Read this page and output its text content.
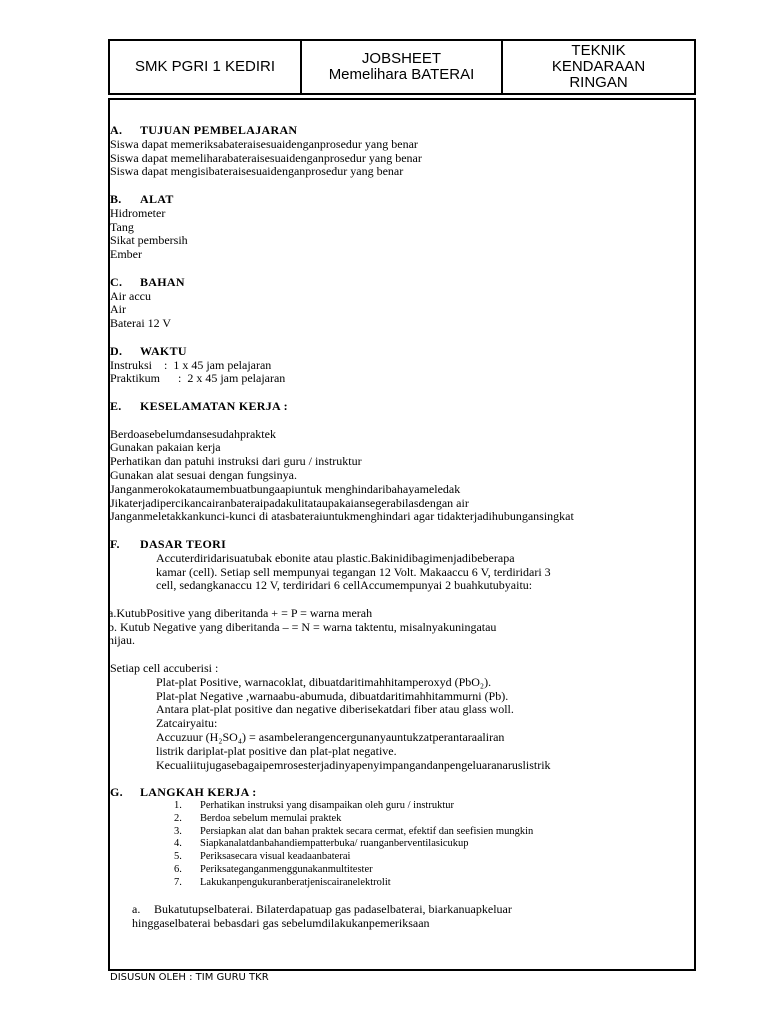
SMK PGRI 1 KEDIRI	JOBSHEET
Memelihara BATERAI
TEKNIK
KENDARAAN
RINGAN

A. TUJUAN PEMBELAJARAN

Siswa dapat memeriksabateraisesuaidenganprosedur yang benar

Siswa dapat memeliharabateraisesuaidenganprosedur yang benar

Siswa dapat mengisibateraisesuaidenganprosedur yang benar

B. ALAT

Hidrometer

Tang

Sikat pembersih

Ember

C. BAHAN

Air accu

Air

Baterai 12 V

D. WAKTU

Instruksi    :  1 x 45 jam pelajaran

Praktikum      :  2 x 45 jam pelajaran

E. KESELAMATAN KERJA :

Berdoasebelumdansesudahpraktek

Gunakan pakaian kerja

Perhatikan dan patuhi instruksi dari guru / instruktur

Gunakan alat sesuai dengan fungsinya.

Janganmerokokataumembuatbungaapiuntuk menghindaribahayameledak

Jikaterjadipercikancairanbateraipadakulitataupakaiansegerabilasdengan air

Janganmeletakkankunci-kunci di atasbateraiuntukmenghindari agar tidakterjadihubungansingkat

F. DASAR TEORI

Accuterdiridarisuatubak ebonite atau plastic.Bakinidibagimenjadibeberapa

kamar (cell). Setiap sell mempunyai tegangan 12 Volt. Makaaccu 6 V, terdiridari 3

cell, sedangkanaccu 12 V, terdiridari 6 cellAccumempunyai 2 buahkutubyaitu:

a.KutubPositive yang diberitanda + = P = warna merah

b. Kutub Negative yang diberitanda – = N = warna taktentu, misalnyakuningatau

hijau.

Setiap cell accuberisi :

Plat-plat Positive, warnacoklat, dibuatdaritimahhitamperoxyd (PbO₂).

Plat-plat Negative ,warnaabu-abumuda, dibuatdaritimahhitammurni (Pb).

Antara plat-plat positive dan negative diberisekatdari fiber atau glass woll.

Zatcairyaitu:

Accuzuur (H₂SO₄) = asambelerangencergunanyauntukzatperantaraaliran

listrik dariplat-plat positive dan plat-plat negative.

Kecualiitujugasebagaipemrosesterjadinyapenyimpangandanpengeluaranaruslistrik

G. LANGKAH KERJA :

1. Perhatikan instruksi yang disampaikan oleh guru / instruktur
2. Berdoa sebelum memulai praktek
3. Persiapkan alat dan bahan praktek secara cermat, efektif dan seefisien mungkin
4. Siapkanalatdanbahandiempatterbuka/ ruanganberventilasicukup
5. Periksasecara visual keadaanbaterai
6. Periksateganganmenggunakanmultitester
7. Lakukanpengukuranberatjeniscairanelektrolit

a. Bukatutupselbaterai. Bilaterdapatuap gas padaselbaterai, biarkanuapkeluar

hinggaselbaterai bebasdari gas sebelumdilakukanpemeriksaan

DISUSUN OLEH : TIM GURU TKR
